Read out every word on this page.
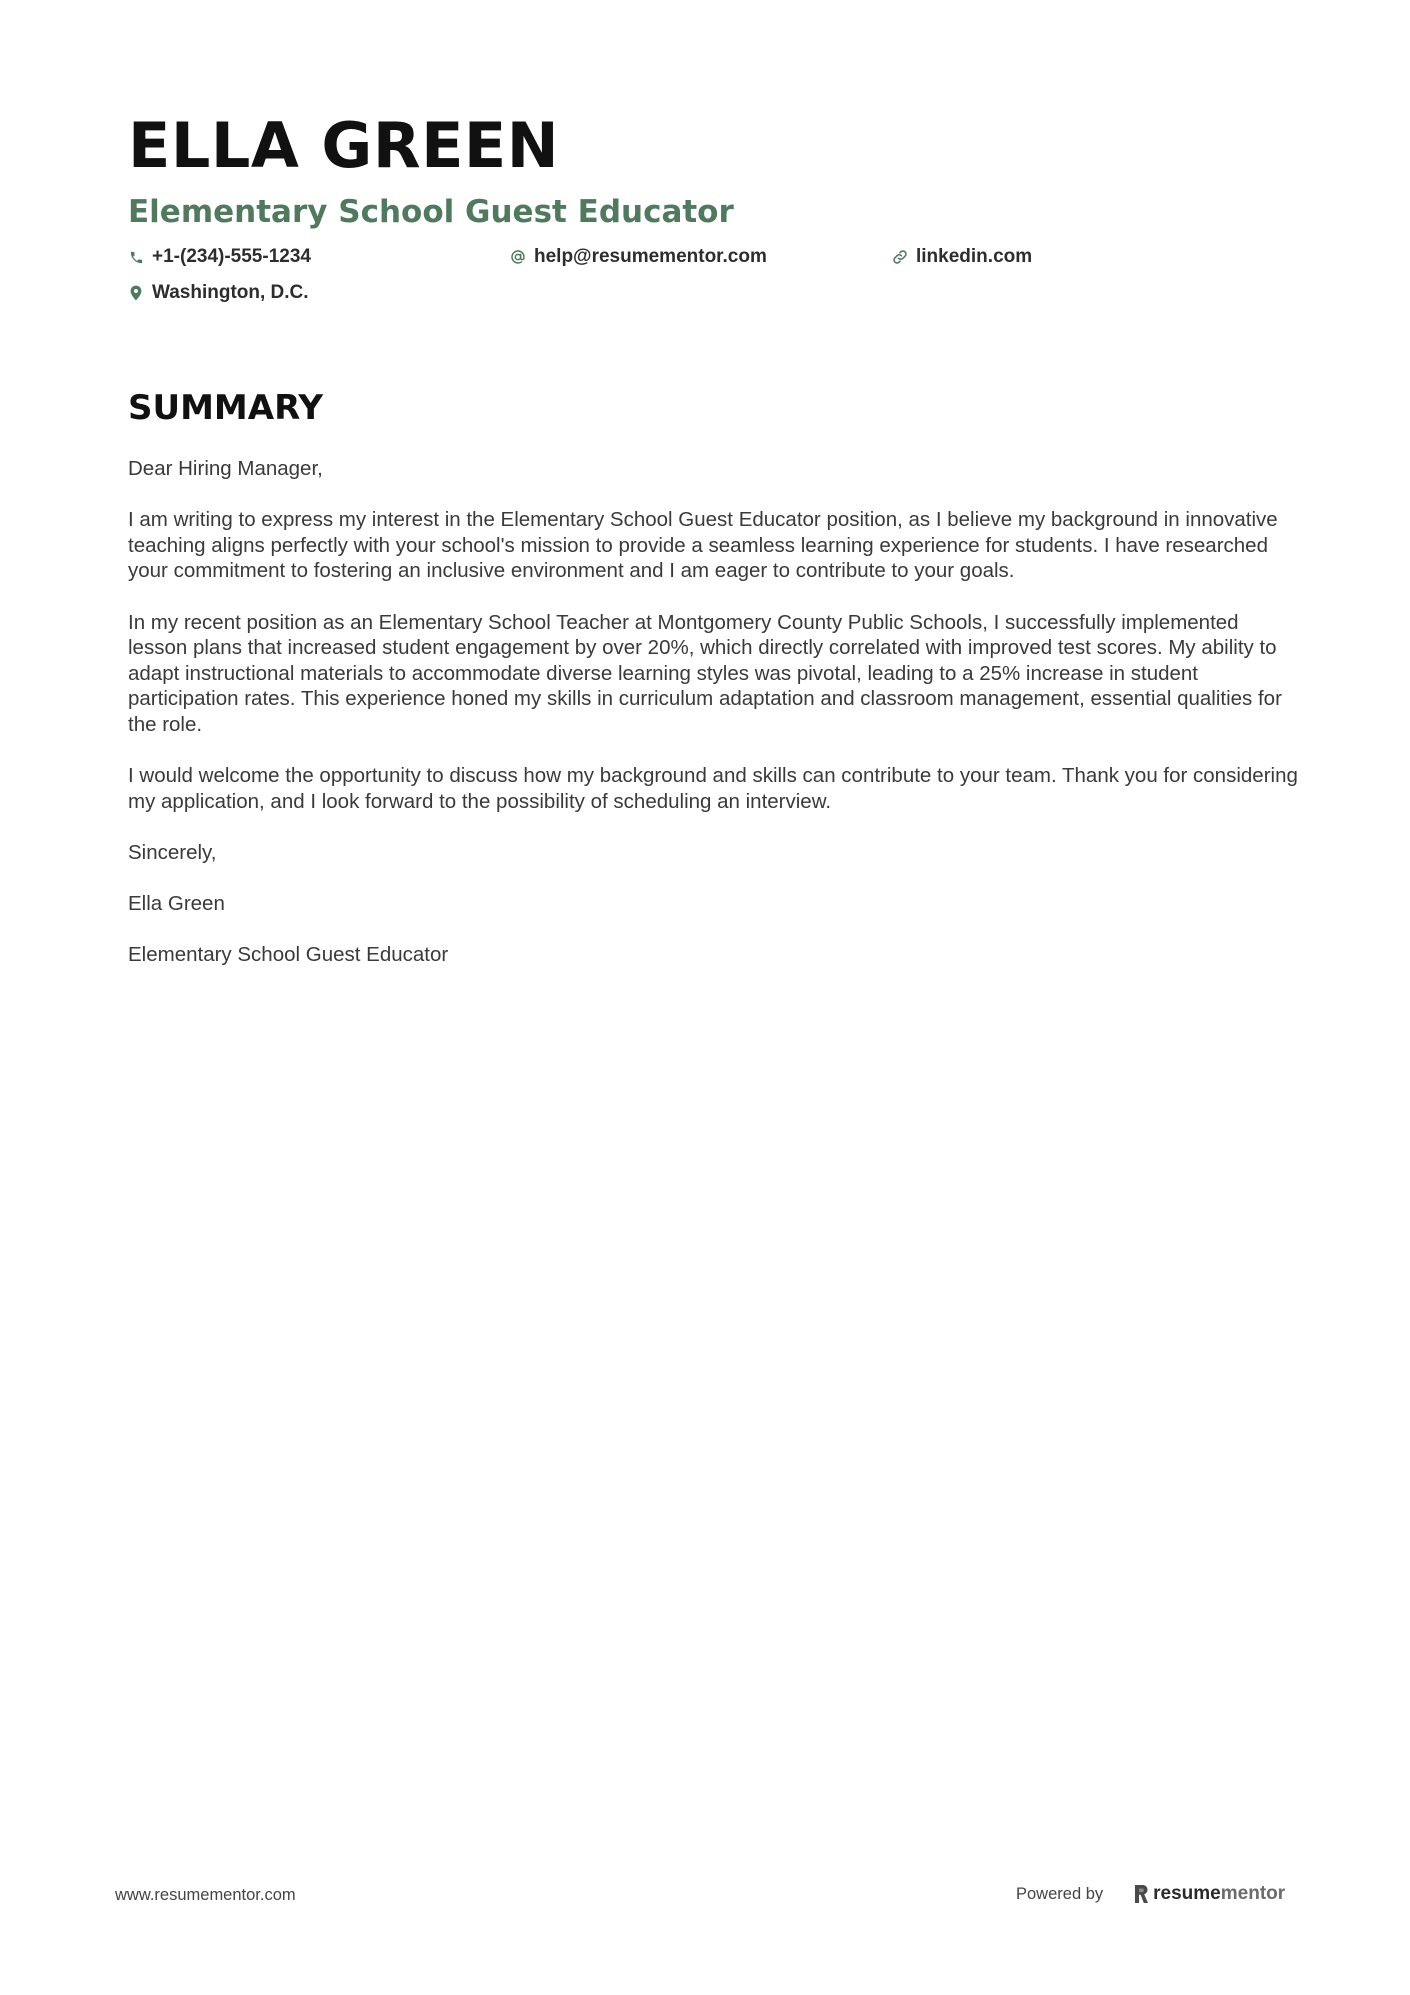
ELLA GREEN
Elementary School Guest Educator
+1-(234)-555-1234	help@resumementor.com	linkedin.com
Washington, D.C.
SUMMARY

Dear Hiring Manager,

I am writing to express my interest in the Elementary School Guest Educator position, as I believe my background in innovative teaching aligns perfectly with your school's mission to provide a seamless learning experience for students. I have researched your commitment to fostering an inclusive environment and I am eager to contribute to your goals.

In my recent position as an Elementary School Teacher at Montgomery County Public Schools, I successfully implemented lesson plans that increased student engagement by over 20%, which directly correlated with improved test scores. My ability to adapt instructional materials to accommodate diverse learning styles was pivotal, leading to a 25% increase in student participation rates. This experience honed my skills in curriculum adaptation and classroom management, essential qualities for the role.

I would welcome the opportunity to discuss how my background and skills can contribute to your team. Thank you for considering my application, and I look forward to the possibility of scheduling an interview.

Sincerely,

Ella Green

Elementary School Guest Educator

www.resumementor.com	Powered by	resume mentor
